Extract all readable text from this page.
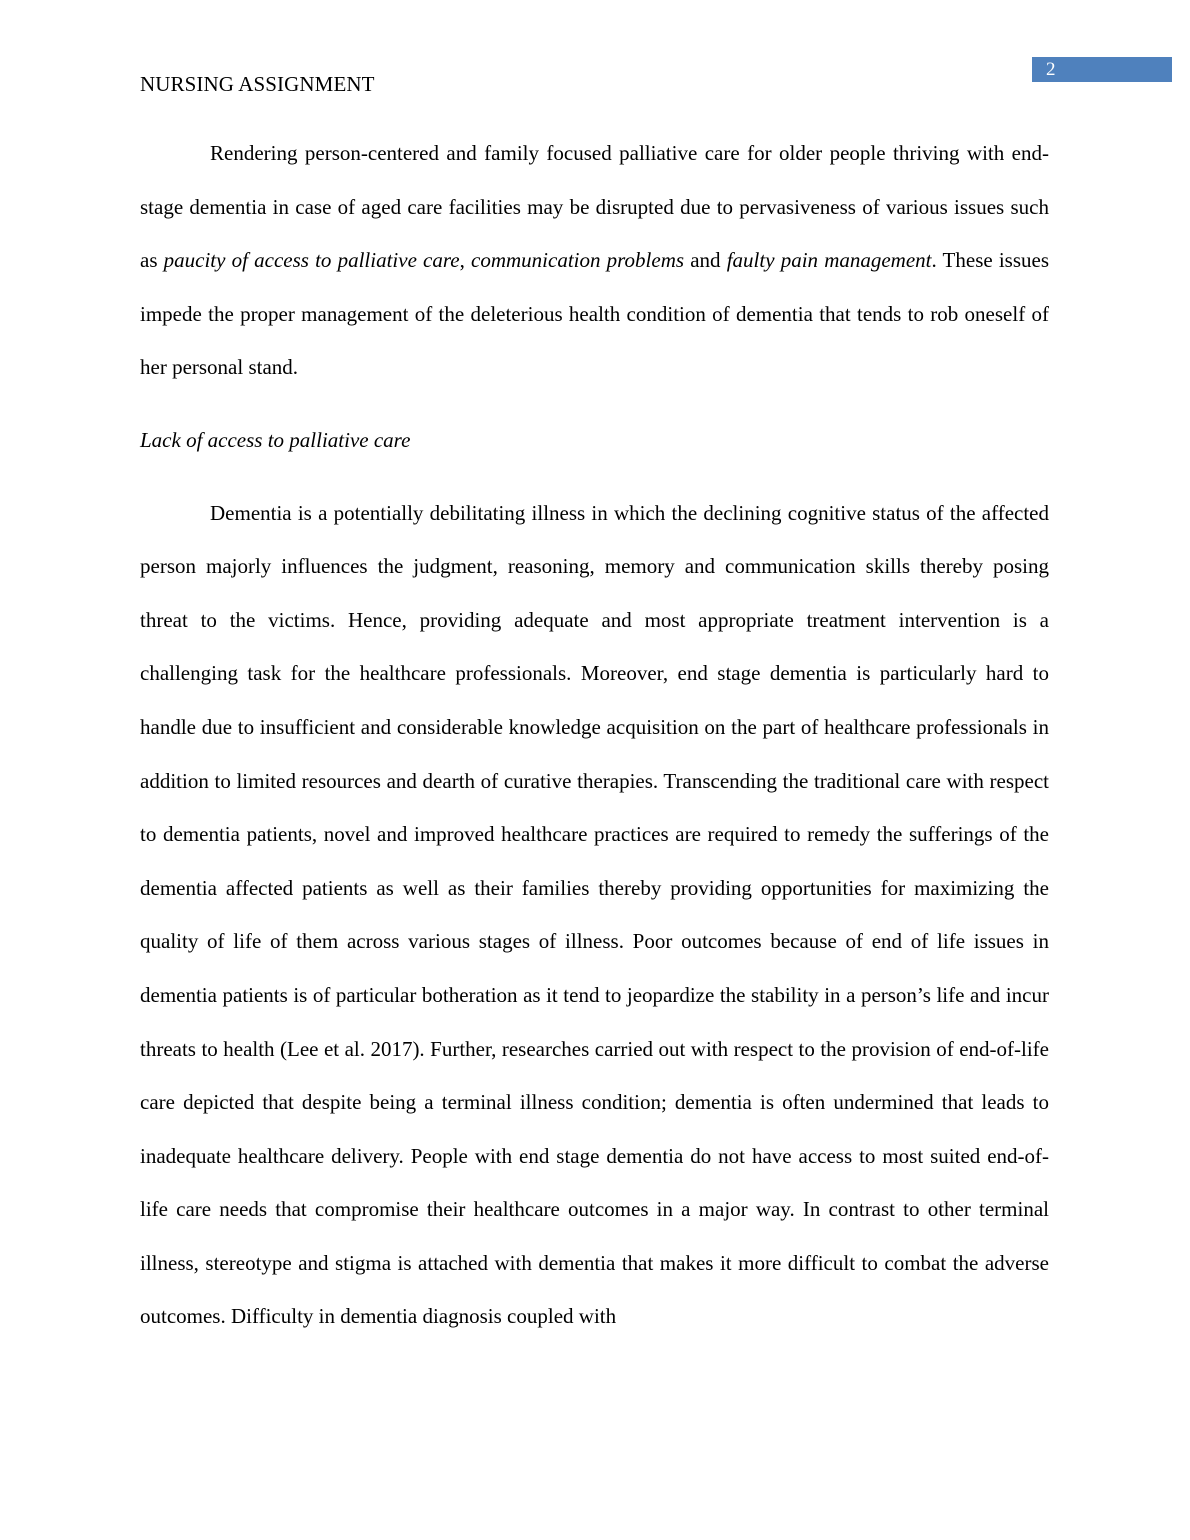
NURSING ASSIGNMENT
2

Rendering person-centered and family focused palliative care for older people thriving with end-stage dementia in case of aged care facilities may be disrupted due to pervasiveness of various issues such as paucity of access to palliative care, communication problems and faulty pain management. These issues impede the proper management of the deleterious health condition of dementia that tends to rob oneself of her personal stand.

Lack of access to palliative care

Dementia is a potentially debilitating illness in which the declining cognitive status of the affected person majorly influences the judgment, reasoning, memory and communication skills thereby posing threat to the victims. Hence, providing adequate and most appropriate treatment intervention is a challenging task for the healthcare professionals. Moreover, end stage dementia is particularly hard to handle due to insufficient and considerable knowledge acquisition on the part of healthcare professionals in addition to limited resources and dearth of curative therapies. Transcending the traditional care with respect to dementia patients, novel and improved healthcare practices are required to remedy the sufferings of the dementia affected patients as well as their families thereby providing opportunities for maximizing the quality of life of them across various stages of illness. Poor outcomes because of end of life issues in dementia patients is of particular botheration as it tend to jeopardize the stability in a person’s life and incur threats to health (Lee et al. 2017). Further, researches carried out with respect to the provision of end-of-life care depicted that despite being a terminal illness condition; dementia is often undermined that leads to inadequate healthcare delivery. People with end stage dementia do not have access to most suited end-of-life care needs that compromise their healthcare outcomes in a major way. In contrast to other terminal illness, stereotype and stigma is attached with dementia that makes it more difficult to combat the adverse outcomes. Difficulty in dementia diagnosis coupled with
